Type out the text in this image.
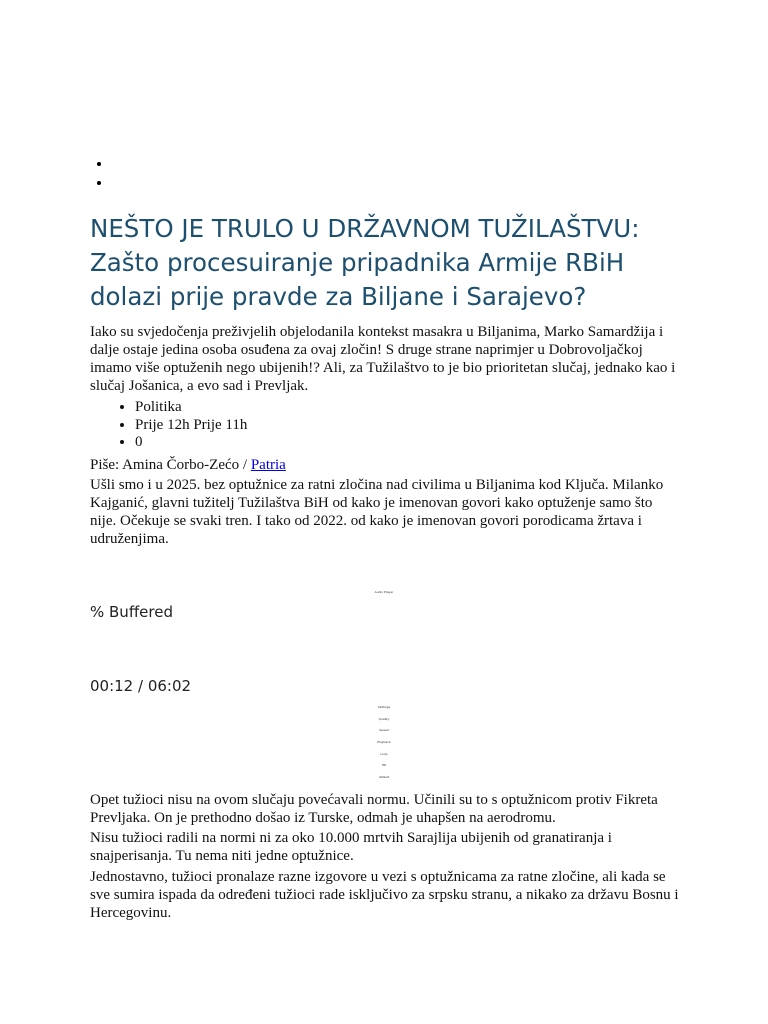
NEŠTO JE TRULO U DRŽAVNOM TUŽILAŠTVU: Zašto procesuiranje pripadnika Armije RBiH dolazi prije pravde za Biljane i Sarajevo?

Iako su svjedočenja preživjelih objelodanila kontekst masakra u Biljanima, Marko Samardžija i dalje ostaje jedina osoba osuđena za ovaj zločin! S druge strane naprimjer u Dobrovoljačkoj imamo više optuženih nego ubijenih!? Ali, za Tužilaštvo to je bio prioritetan slučaj, jednako kao i slučaj Jošanica, a evo sad i Prevljak.

• Politika
• Prije 12h Prije 11h
• 0

Piše: Amina Čorbo-Zećo / Patria

Ušli smo i u 2025. bez optužnice za ratni zločina nad civilima u Biljanima kod Ključa. Milanko Kajganić, glavni tužitelj Tužilaštva BiH od kako je imenovan govori kako optuženje samo što nije. Očekuje se svaki tren. I tako od 2022. od kako je imenovan govori porodicama žrtava i udruženjima.

Audio Player

% Buffered

00:12 / 06:02

Settings
Quality
Speed
Playback
Loop
HD
default

Opet tužioci nisu na ovom slučaju povećavali normu. Učinili su to s optužnicom protiv Fikreta Prevljaka. On je prethodno došao iz Turske, odmah je uhapšen na aerodromu.

Nisu tužioci radili na normi ni za oko 10.000 mrtvih Sarajlija ubijenih od granatiranja i snajperisanja. Tu nema niti jedne optužnice.

Jednostavno, tužioci pronalaze razne izgovore u vezi s optužnicama za ratne zločine, ali kada se sve sumira ispada da određeni tužioci rade isključivo za srpsku stranu, a nikako za državu Bosnu i Hercegovinu.
